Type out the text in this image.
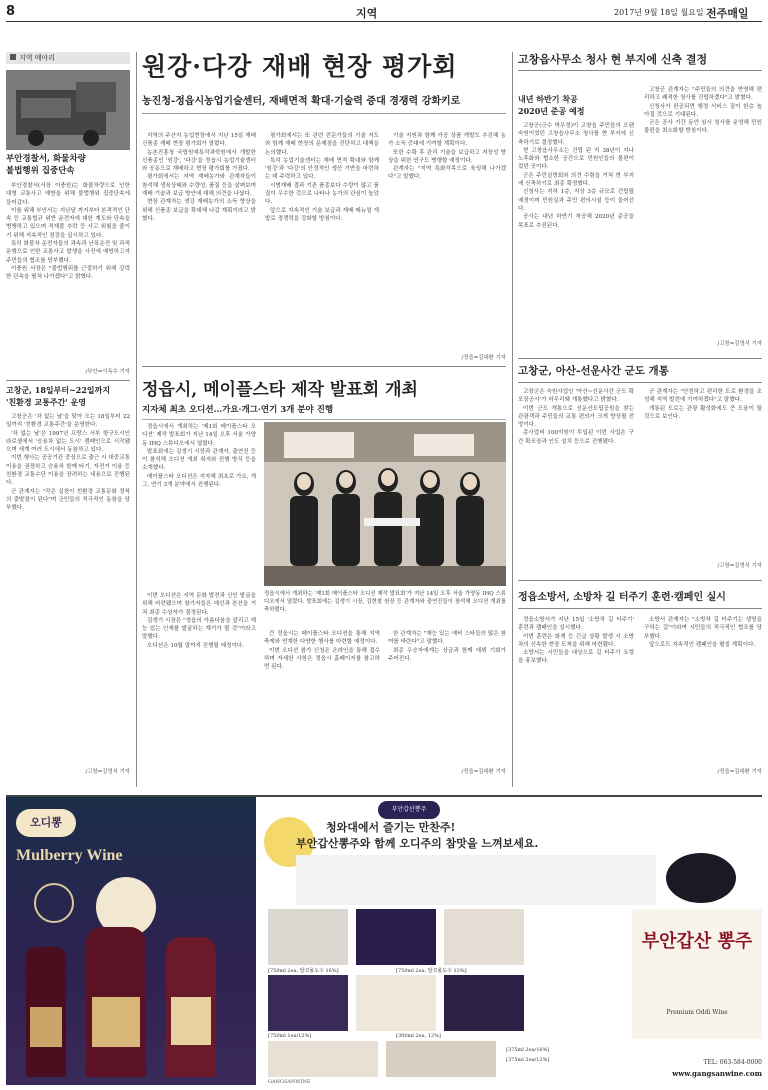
8	지역	2017년 9월 18일 월요일 전주매일
지역 메아리
부안경찰서, 화물차량
불법행위 집중단속

부안경찰서(서장 이충원)는 화물차량으로 인한 대형 교통사고 예방을 위해 불법행위 집중단속에 들어갔다.

이를 위해 부안서는 지난달 까지부터 본격적인 단속 등 교통법규 위반 운전자에 대한 계도와 단속을 병행하고 있으며 적재물 추락 등 사고 위험을 줄이기 위해 지속적인 점검을 실시하고 있다.

특히 화물차 운전자들의 과속과 난폭운전 및 과적운행으로 인한 교통사고 발생을 사전에 예방하고자 주민들의 협조를 당부했다.

이충원 서장은 "불법행위를 근절하기 위해 강력한 단속을 펼쳐 나가겠다"고 밝혔다.

/부안=이옥수 기자
고창군, 18일부터~22일까지
'친환경 교통주간' 운영

고창군은 '차 없는 날'을 맞아 오는 18일부터 22일까지 '친환경 교통주간'을 운영한다.

'차 없는 날'은 1997년 프랑스 서부 항구도시인 라로셸에서 '승용차 없는 도시' 캠페인으로 시작됐으며 세계 여러 도시에서 동참하고 있다.

이번 행사는 공공기관 중심으로 출근 시 대중교통 이용을 권장하고 승용차 함께 타기, 자전거 이용 등 친환경 교통수단 이용을 장려하는 내용으로 진행된다.

군 관계자는 "작은 실천이 친환경 교통문화 정착의 출발점이 된다"며 군민들의 적극적인 동참을 당부했다.

/고창=김영식 기자
원강·다강 재배 현장 평가회
농진청-정읍시농업기술센터, 재배면적 확대·기술력 증대 경쟁력 강화키로

지역의 주산지 농업현장에서 지난 15일 재배 신품종 재배 현장 평가회가 열렸다.

농촌진흥청 국립원예특작과학원에서 개발한 신품종인 '원강', '다강'을 정읍시 농업기술센터와 공동으로 재배하고 현장 평가회를 가졌다.

평가회에서는 지역 재배농가와 관계자들이 참석해 생육상태와 수량성, 품질 등을 살펴보며 재배 기술과 보급 방안에 대해 의견을 나눴다.

현장 관계자는 생강 재배농가의 소득 향상을 위해 신품종 보급을 확대해 나갈 계획이라고 밝혔다.

평가회에서는 또 관련 전문가들의 기술 지도와 함께 재배 현장의 문제점을 진단하고 대책을 논의했다.

특히 농업기술센터는 재배 면적 확대와 함께 '원강'과 '다강'의 안정적인 생산 기반을 마련하는 데 주력하고 있다.

시범재배 결과 기존 품종보다 수량이 많고 품질이 우수한 것으로 나타나 농가의 관심이 높았다.

앞으로 지속적인 기술 보급과 재배 매뉴얼 개발로 경쟁력을 강화할 방침이다.

기술 지원과 함께 가공 상품 개발도 추진해 농가 소득 증대에 기여할 계획이다.

또한 수확 후 관리 기술을 보급하고 저장성 향상을 위한 연구도 병행할 예정이다.

관계자는 "지역 특화작목으로 육성해 나가겠다"고 말했다.

/정읍=김대환 기자
정읍시, 메이플스타 제작 발표회 개최
지자체 최초 오디션…가요·개그·연기 3개 분야 진행

정읍시에서 개최하는 '제1회 메이플스타 오디션' 제작 발표회가 지난 14일 오후 서울 가양동 IHQ 스튜디오에서 열렸다.

발표회에는 김생기 시장과 관계자, 출연진 등이 참석해 오디션 개최 취지와 진행 방식 등을 소개했다.

메이플스타 오디션은 지자체 최초로 가요, 개그, 연기 3개 분야에서 진행된다.

정읍시에서 개최하는 '제1회 메이플스타 오디션 제작 발표회'가 지난 14일 오후 서울 가양동 IHQ 스튜디오에서 열렸다. 발표회에는 김생기 시장, 김현철 원장 등 관계자와 출연진들이 참석해 오디션 개최를 축하했다.

이번 오디션은 지역 문화 발전과 신인 발굴을 위해 마련됐으며 참가자들은 예선과 본선을 거쳐 최종 수상자가 결정된다.

김생기 시장은 "정읍의 아름다움을 알리고 재능 있는 인재를 발굴하는 계기가 될 것"이라고 말했다.

오디션은 10월 말까지 진행될 예정이다.

간 정읍시는 메이플스타 오디션을 통해 지역 축제와 연계한 다양한 행사를 마련할 예정이다.

이번 오디션 참가 신청은 온라인을 통해 접수하며 자세한 사항은 정읍시 홈페이지를 참고하면 된다.

한 관계자는 "재능 있는 예비 스타들의 많은 참여를 바란다"고 말했다.

최종 우승자에게는 상금과 함께 데뷔 기회가 주어진다.

/정읍=김대환 기자
고창읍사무소 청사 현 부지에 신축 결정
내년 하반기 착공
2020년 준공 예정

고창군(군수 박우정)이 고창읍 주민들의 오랜 숙원이었던 고창읍사무소 청사를 현 부지에 신축하기로 결정했다.

현 고창읍사무소는 건립 된 지 38년이 지나 노후화와 협소한 공간으로 민원인들의 불편이 컸던 곳이다.

군은 주민설명회와 의견 수렴을 거쳐 현 부지에 신축하기로 최종 확정했다.

신청사는 지하 1층, 지상 3층 규모로 건립될 예정이며 민원실과 주민 편의시설 등이 들어선다.

공사는 내년 하반기 착공해 2020년 준공을 목표로 추진된다.

고창군 관계자는 "주민들의 의견을 반영해 편리하고 쾌적한 청사를 건립하겠다"고 밝혔다.

신청사가 완공되면 행정 서비스 질이 한층 높아질 것으로 기대된다.

군은 공사 기간 동안 임시 청사를 운영해 민원 불편을 최소화할 방침이다.

/고창=김영식 기자
고창군, 아산-선운사간 군도 개통

고창군은 숙원사업인 '아산~선운사간 군도 확포장공사'가 마무리돼 개통했다고 밝혔다.

이번 군도 개통으로 선운산도립공원을 찾는 관광객과 주민들의 교통 편의가 크게 향상될 전망이다.

총사업비 100억원이 투입된 이번 사업은 구간 확포장과 인도 설치 등으로 진행됐다.

군 관계자는 "안전하고 편리한 도로 환경을 조성해 지역 발전에 기여하겠다"고 말했다.

개통된 도로는 관광 활성화에도 큰 도움이 될 것으로 보인다.

/고창=김영식 기자
정읍소방서, 소방차 길 터주기 훈련·캠페인 실시

정읍소방서가 지난 15일 '소방차 길 터주기' 훈련과 캠페인을 실시했다.

이번 훈련은 화재 등 긴급 상황 발생 시 소방차의 신속한 현장 도착을 위해 마련됐다.

소방서는 시민들을 대상으로 길 터주기 요령을 홍보했다.

소방서 관계자는 "소방차 길 터주기는 생명을 구하는 길"이라며 시민들의 적극적인 협조를 당부했다.

앞으로도 지속적인 캠페인을 펼칠 계획이다.

/정읍=김대환 기자
오디뽕
Mulberry Wine
청와대에서 즐기는 만찬주!
부안갑산뽕주와 함께 오디주의 참맛을 느껴보세요.
부안갑산뽕주
[750ml 2ea, 알코올도수 16%]	[750ml 2ea, 알코올도수 12%]
[750ml 1ea/12%]	[300ml 2ea, 12%]
[375ml 2ea/16%]
[375ml 2ea/12%]
부안갑산 뽕주
Premium Oddi Wine
GANGSANWINE
TEL: 063-584-0000
www.gangsanwine.com
